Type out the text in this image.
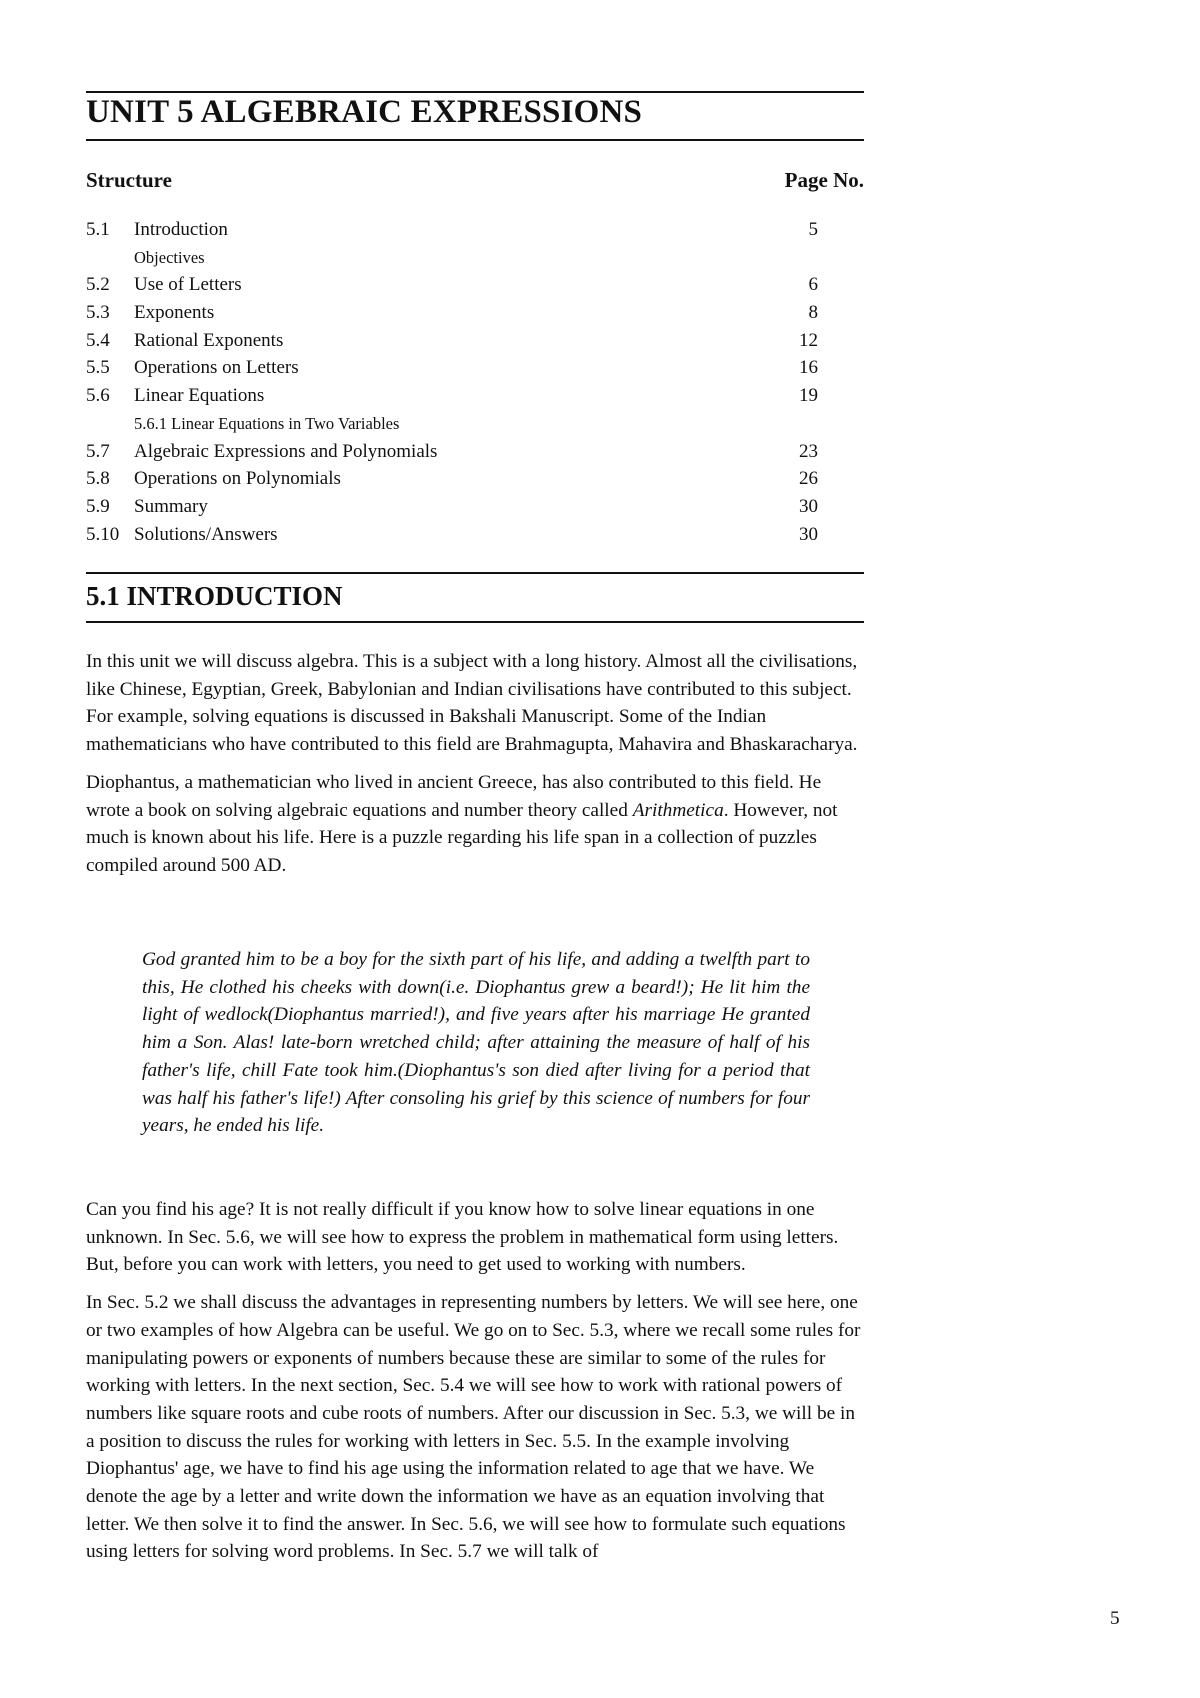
UNIT 5 ALGEBRAIC EXPRESSIONS
Structure	Page No.
5.1	Introduction	5
Objectives
5.2	Use of Letters	6
5.3	Exponents	8
5.4	Rational Exponents	12
5.5	Operations on Letters	16
5.6	Linear Equations	19
5.6.1 Linear Equations in Two Variables
5.7	Algebraic Expressions and Polynomials	23
5.8	Operations on Polynomials	26
5.9	Summary	30
5.10 Solutions/Answers	30
5.1 INTRODUCTION

In this unit we will discuss algebra. This is a subject with a long history. Almost all the civilisations, like Chinese, Egyptian, Greek, Babylonian and Indian civilisations have contributed to this subject. For example, solving equations is discussed in Bakshali Manuscript. Some of the Indian mathematicians who have contributed to this field are Brahmagupta, Mahavira and Bhaskaracharya.

Diophantus, a mathematician who lived in ancient Greece, has also contributed to this field. He wrote a book on solving algebraic equations and number theory called Arithmetica. However, not much is known about his life. Here is a puzzle regarding his life span in a collection of puzzles compiled around 500 AD.

God granted him to be a boy for the sixth part of his life, and adding a twelfth part to this, He clothed his cheeks with down(i.e. Diophantus grew a beard!); He lit him the light of wedlock(Diophantus married!), and five years after his marriage He granted him a Son. Alas! late-born wretched child; after attaining the measure of half of his father's life, chill Fate took him.(Diophantus's son died after living for a period that was half his father's life!) After consoling his grief by this science of numbers for four years, he ended his life.

Can you find his age? It is not really difficult if you know how to solve linear equations in one unknown. In Sec. 5.6, we will see how to express the problem in mathematical form using letters. But, before you can work with letters, you need to get used to working with numbers.

In Sec. 5.2 we shall discuss the advantages in representing numbers by letters. We will see here, one or two examples of how Algebra can be useful. We go on to Sec. 5.3, where we recall some rules for manipulating powers or exponents of numbers because these are similar to some of the rules for working with letters. In the next section, Sec. 5.4 we will see how to work with rational powers of numbers like square roots and cube roots of numbers. After our discussion in Sec. 5.3, we will be in a position to discuss the rules for working with letters in Sec. 5.5. In the example involving Diophantus' age, we have to find his age using the information related to age that we have. We denote the age by a letter and write down the information we have as an equation involving that letter. We then solve it to find the answer. In Sec. 5.6, we will see how to formulate such equations using letters for solving word problems. In Sec. 5.7 we will talk of

5
